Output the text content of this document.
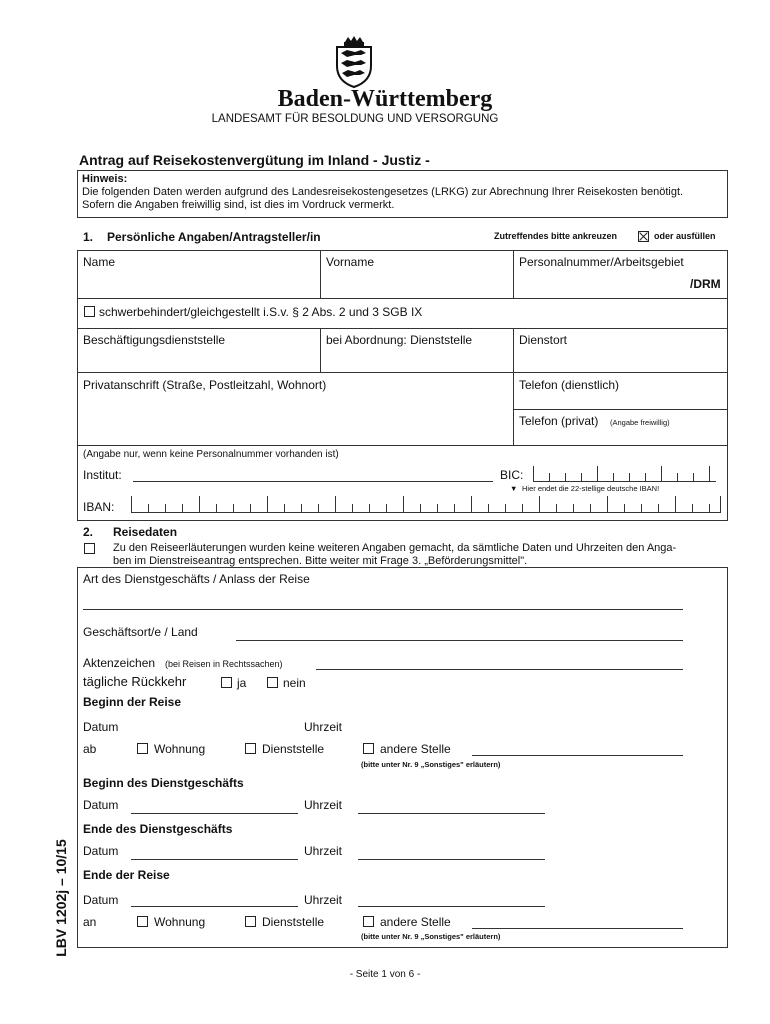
Baden-Württemberg
LANDESAMT FÜR BESOLDUNG UND VERSORGUNG
Antrag auf Reisekostenvergütung im Inland - Justiz -
Hinweis:
Die folgenden Daten werden aufgrund des Landesreisekostengesetzes (LRKG) zur Abrechnung Ihrer Reisekosten benötigt.
Sofern die Angaben freiwillig sind, ist dies im Vordruck vermerkt.
1. Persönliche Angaben/Antragsteller/in	Zutreffendes bitte ankreuzen	oder ausfüllen
Name	Vorname	Personalnummer/Arbeitsgebiet
/DRM
schwerbehindert/gleichgestellt i.S.v. § 2 Abs. 2 und 3 SGB IX
Beschäftigungsdienststelle	bei Abordnung: Dienststelle	Dienstort
Privatanschrift (Straße, Postleitzahl, Wohnort)	Telefon (dienstlich)
Telefon (privat) (Angabe freiwillig)
(Angabe nur, wenn keine Personalnummer vorhanden ist)
Institut:	BIC:
▼ Hier endet die 22-stellige deutsche IBAN!
IBAN:
2. Reisedaten
Zu den Reiseerläuterungen wurden keine weiteren Angaben gemacht, da sämtliche Daten und Uhrzeiten den Anga-
ben im Dienstreiseantrag entsprechen. Bitte weiter mit Frage 3. „Beförderungsmittel".
Art des Dienstgeschäfts / Anlass der Reise
Geschäftsort/e / Land
Aktenzeichen (bei Reisen in Rechtssachen)
tägliche Rückkehr	ja	nein
Beginn der Reise
Datum	Uhrzeit
ab	Wohnung	Dienststelle	andere Stelle
(bitte unter Nr. 9 „Sonstiges" erläutern)
Beginn des Dienstgeschäfts
Datum	Uhrzeit
Ende des Dienstgeschäfts
Datum	Uhrzeit
Ende der Reise
Datum	Uhrzeit
an	Wohnung	Dienststelle	andere Stelle
(bitte unter Nr. 9 „Sonstiges" erläutern)
LBV 1202j – 10/15
- Seite 1 von 6 -
